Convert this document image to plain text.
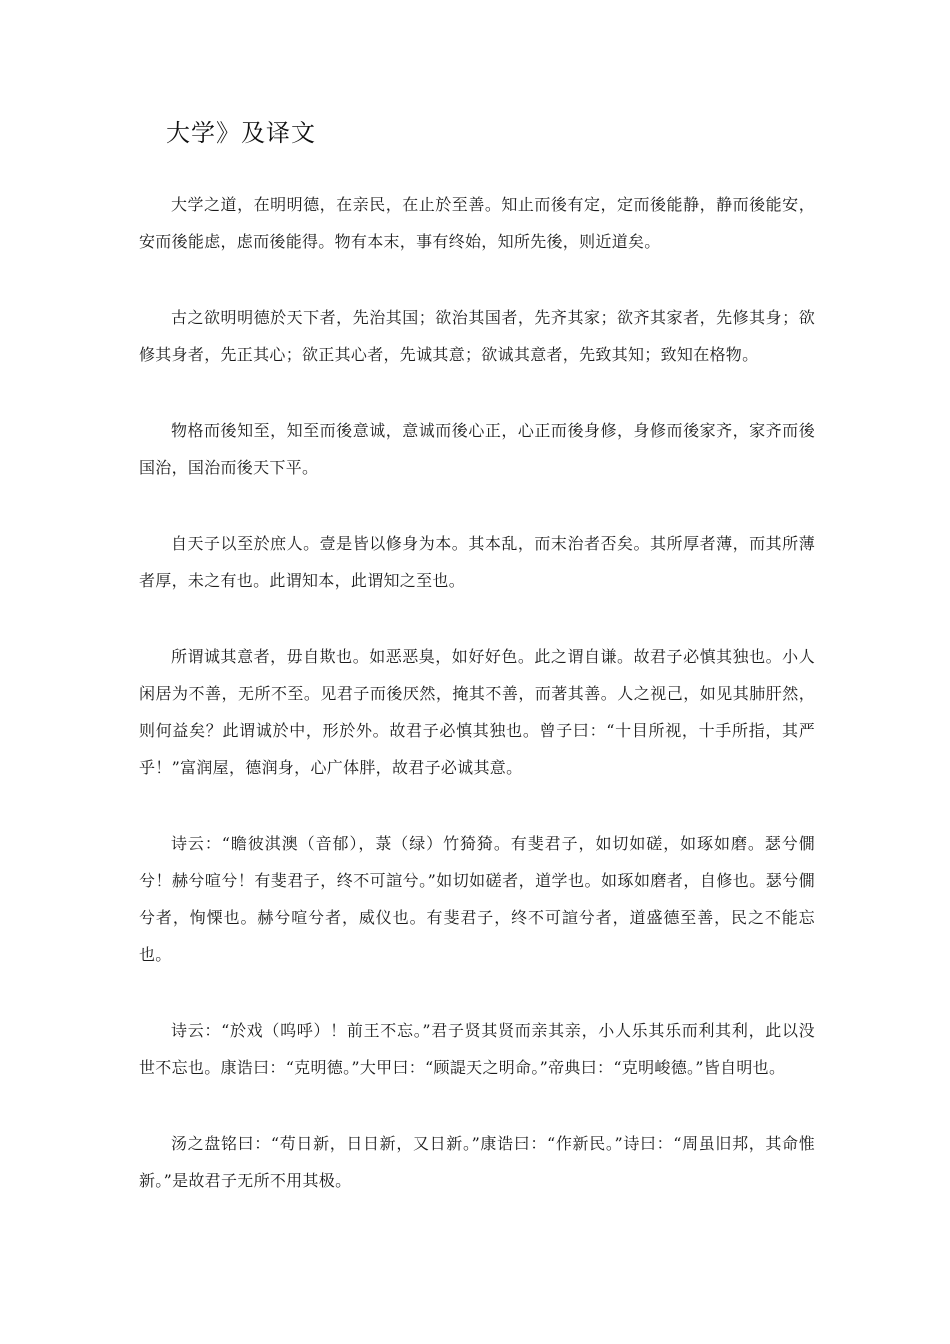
大学》及译文

大学之道，在明明德，在亲民，在止於至善。知止而後有定，定而後能静，静而後能安，安而後能虑，虑而後能得。物有本末，事有终始，知所先後，则近道矣。

古之欲明明德於天下者，先治其国；欲治其国者，先齐其家；欲齐其家者，先修其身；欲修其身者，先正其心；欲正其心者，先诚其意；欲诚其意者，先致其知；致知在格物。

物格而後知至，知至而後意诚，意诚而後心正，心正而後身修，身修而後家齐，家齐而後国治，国治而後天下平。

自天子以至於庶人。壹是皆以修身为本。其本乱，而末治者否矣。其所厚者薄，而其所薄者厚，未之有也。此谓知本，此谓知之至也。

所谓诚其意者，毋自欺也。如恶恶臭，如好好色。此之谓自谦。故君子必慎其独也。小人闲居为不善，无所不至。见君子而後厌然，掩其不善，而著其善。人之视己，如见其肺肝然，则何益矣？此谓诚於中，形於外。故君子必慎其独也。曾子曰：“十目所视，十手所指，其严乎！”富润屋，德润身，心广体胖，故君子必诚其意。

诗云：“瞻彼淇澳（音郁），菉（绿）竹猗猗。有斐君子，如切如磋，如琢如磨。瑟兮僩兮！赫兮喧兮！有斐君子，终不可諠兮。”如切如磋者，道学也。如琢如磨者，自修也。瑟兮僩兮者，恂慄也。赫兮喧兮者，威仪也。有斐君子，终不可諠兮者，道盛德至善，民之不能忘也。

诗云：“於戏（呜呼）！前王不忘。”君子贤其贤而亲其亲，小人乐其乐而利其利，此以没世不忘也。康诰曰：“克明德。”大甲曰：“顾諟天之明命。”帝典曰：“克明峻德。”皆自明也。

汤之盘铭曰：“苟日新，日日新，又日新。”康诰曰：“作新民。”诗曰：“周虽旧邦，其命惟新。”是故君子无所不用其极。
